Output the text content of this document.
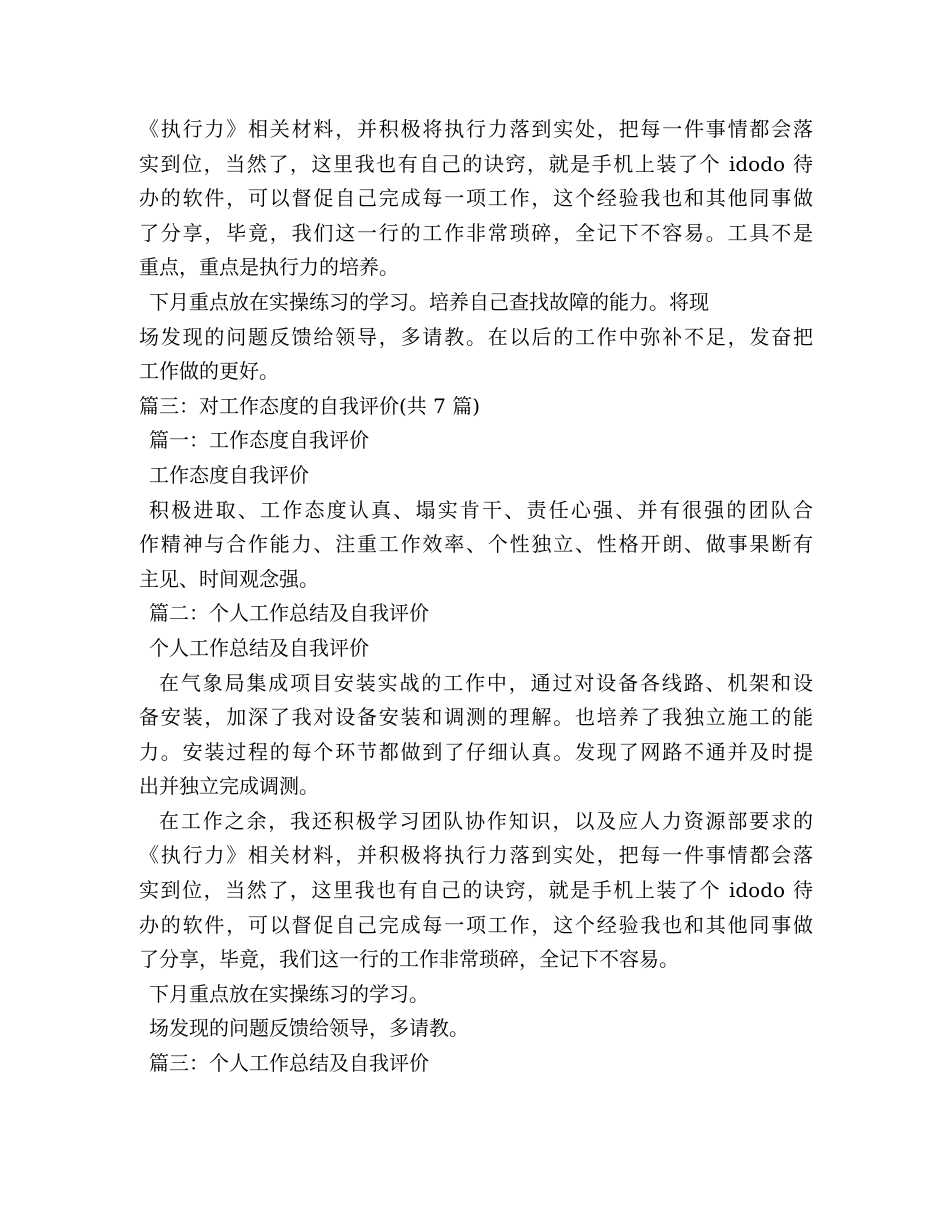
《执行力》相关材料，并积极将执行力落到实处，把每一件事情都会落
实到位，当然了，这里我也有自己的诀窍，就是手机上装了个 idodo 待
办的软件，可以督促自己完成每一项工作，这个经验我也和其他同事做
了分享，毕竟，我们这一行的工作非常琐碎，全记下不容易。工具不是
重点，重点是执行力的培养。
下月重点放在实操练习的学习。培养自己查找故障的能力。将现
场发现的问题反馈给领导，多请教。在以后的工作中弥补不足，发奋把
工作做的更好。
篇三：对工作态度的自我评价(共 7 篇)
篇一：工作态度自我评价
工作态度自我评价
积极进取、工作态度认真、塌实肯干、责任心强、并有很强的团队合
作精神与合作能力、注重工作效率、个性独立、性格开朗、做事果断有
主见、时间观念强。
篇二：个人工作总结及自我评价
个人工作总结及自我评价
在气象局集成项目安装实战的工作中，通过对设备各线路、机架和设
备安装，加深了我对设备安装和调测的理解。也培养了我独立施工的能
力。安装过程的每个环节都做到了仔细认真。发现了网路不通并及时提
出并独立完成调测。
在工作之余，我还积极学习团队协作知识，以及应人力资源部要求的
《执行力》相关材料，并积极将执行力落到实处，把每一件事情都会落
实到位，当然了，这里我也有自己的诀窍，就是手机上装了个 idodo 待
办的软件，可以督促自己完成每一项工作，这个经验我也和其他同事做
了分享，毕竟，我们这一行的工作非常琐碎，全记下不容易。
下月重点放在实操练习的学习。
场发现的问题反馈给领导，多请教。
篇三：个人工作总结及自我评价
